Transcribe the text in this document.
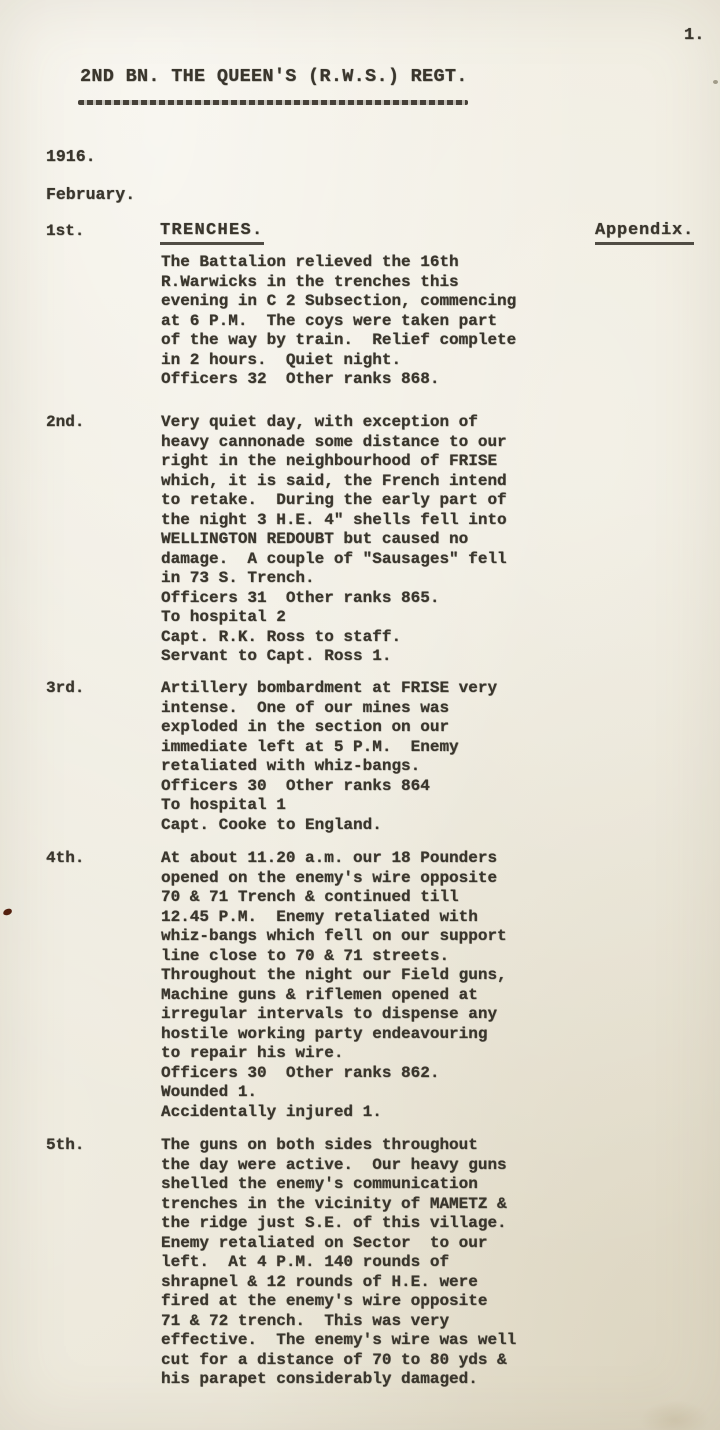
1.
2ND BN. THE QUEEN'S (R.W.S.) REGT.
1916.
February.
1st.	TRENCHES.	Appendix.
The Battalion relieved the 16th
R.Warwicks in the trenches this
evening in C 2 Subsection, commencing
at 6 P.M.  The coys were taken part
of the way by train.  Relief complete
in 2 hours.  Quiet night.
Officers 32  Other ranks 868.
2nd.	Very quiet day, with exception of
heavy cannonade some distance to our
right in the neighbourhood of FRISE
which, it is said, the French intend
to retake.  During the early part of
the night 3 H.E. 4" shells fell into
WELLINGTON REDOUBT but caused no
damage.  A couple of "Sausages" fell
in 73 S. Trench.
Officers 31  Other ranks 865.
To hospital 2
Capt. R.K. Ross to staff.
Servant to Capt. Ross 1.
3rd.	Artillery bombardment at FRISE very
intense.  One of our mines was
exploded in the section on our
immediate left at 5 P.M.  Enemy
retaliated with whiz-bangs.
Officers 30  Other ranks 864
To hospital 1
Capt. Cooke to England.
4th.	At about 11.20 a.m. our 18 Pounders
opened on the enemy's wire opposite
70 & 71 Trench & continued till
12.45 P.M.  Enemy retaliated with
whiz-bangs which fell on our support
line close to 70 & 71 streets.
Throughout the night our Field guns,
Machine guns & riflemen opened at
irregular intervals to dispense any
hostile working party endeavouring
to repair his wire.
Officers 30  Other ranks 862.
Wounded 1.
Accidentally injured 1.
5th.	The guns on both sides throughout
the day were active.  Our heavy guns
shelled the enemy's communication
trenches in the vicinity of MAMETZ &
the ridge just S.E. of this village.
Enemy retaliated on Sector  to our
left.  At 4 P.M. 140 rounds of
shrapnel & 12 rounds of H.E. were
fired at the enemy's wire opposite
71 & 72 trench.  This was very
effective.  The enemy's wire was well
cut for a distance of 70 to 80 yds &
his parapet considerably damaged.
